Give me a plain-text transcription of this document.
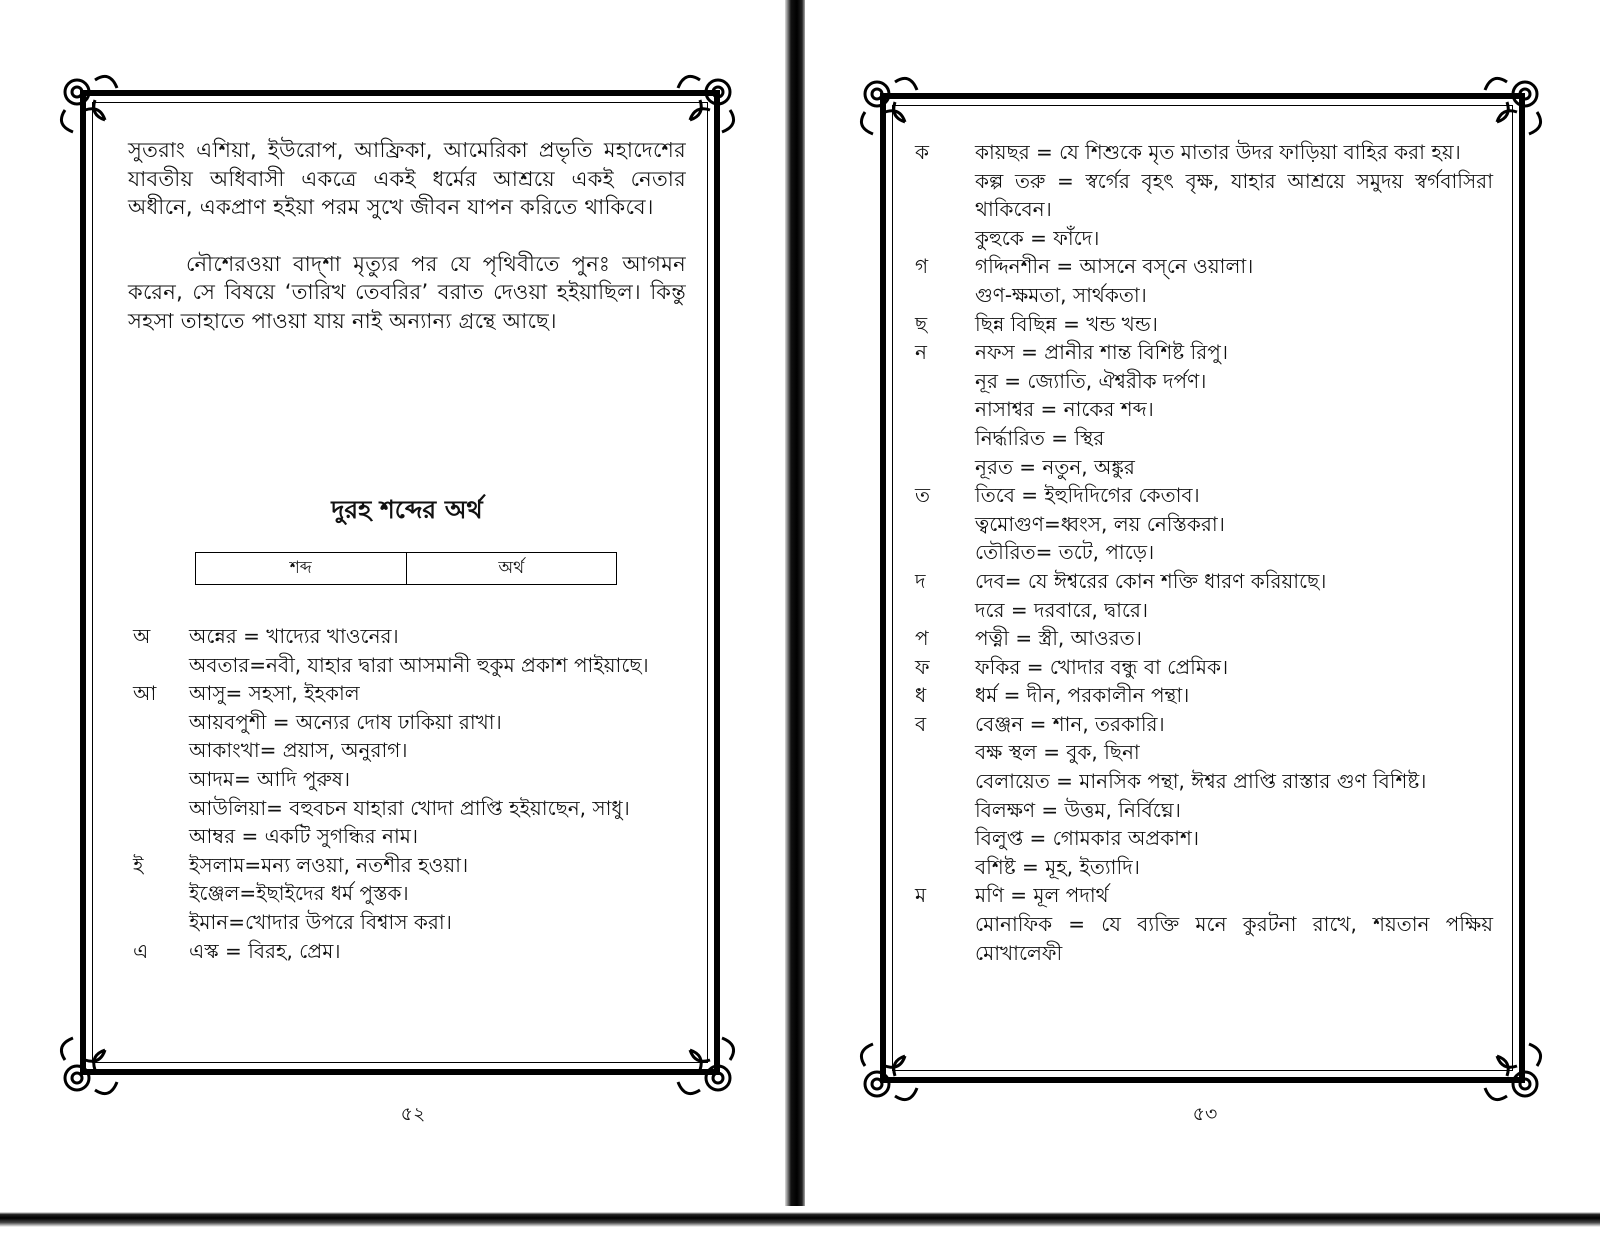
সুতরাং এশিয়া, ইউরোপ, আফ্রিকা, আমেরিকা প্রভৃতি মহাদেশের যাবতীয় অধিবাসী একত্রে একই ধর্মের আশ্রয়ে একই নেতার অধীনে, একপ্রাণ হইয়া পরম সুখে জীবন যাপন করিতে থাকিবে।

নৌশেরওয়া বাদ্‌শা মৃত্যুর পর যে পৃথিবীতে পুনঃ আগমন করেন, সে বিষয়ে ‘তারিখ তেবরির’ বরাত দেওয়া হইয়াছিল। কিন্তু সহসা তাহাতে পাওয়া যায় নাই অন্যান্য গ্রন্থে আছে।

দুরহ শব্দের অর্থ
শব্দ	অর্থ
অ	অন্নের = খাদ্যের খাওনের।
অবতার=নবী, যাহার দ্বারা আসমানী হুকুম প্রকাশ পাইয়াছে।
আ	আসু= সহসা, ইহকাল
আয়বপুশী = অন্যের দোষ ঢাকিয়া রাখা।
আকাংখা= প্রয়াস, অনুরাগ।
আদম= আদি পুরুষ।
আউলিয়া= বহুবচন যাহারা খোদা প্রাপ্তি হইয়াছেন, সাধু।
আম্বর = একটি সুগন্ধির নাম।
ই	ইসলাম=মন্য লওয়া, নতশীর হওয়া।
ইঞ্জেল=ইছাইদের ধর্ম পুস্তক।
ইমান=খোদার উপরে বিশ্বাস করা।
এ	এস্ক = বিরহ, প্রেম।
৫২
ক	কায়ছর = যে শিশুকে মৃত মাতার উদর ফাড়িয়া বাহির করা হয়।
কল্প তরু = স্বর্গের বৃহৎ বৃক্ষ, যাহার আশ্রয়ে সমুদয় স্বর্গবাসিরা থাকিবেন।
কুহুকে = ফাঁদে।
গ	গদ্দিনশীন = আসনে বস্‌নে ওয়ালা।
গুণ-ক্ষমতা, সার্থকতা।
ছ	ছিন্ন বিছিন্ন = খন্ড খন্ড।
ন	নফস = প্রানীর শান্ত বিশিষ্ট রিপু।
নূর = জ্যোতি, ঐশ্বরীক দর্পণ।
নাসাশ্বর = নাকের শব্দ।
নির্দ্ধারিত = স্থির
নূরত = নতুন, অঙ্কুর
ত	তিবে = ইহুদিদিগের কেতাব।
ত্বমোগুণ=ধ্বংস, লয় নেস্তিকরা।
তৌরিত= তটে, পাড়ে।
দ	দেব= যে ঈশ্বরের কোন শক্তি ধারণ করিয়াছে।
দরে = দরবারে, দ্বারে।
প	পত্নী = স্ত্রী, আওরত।
ফ	ফকির = খোদার বন্ধু বা প্রেমিক।
ধ	ধর্ম = দীন, পরকালীন পন্থা।
ব	বেঞ্জন = শান, তরকারি।
বক্ষ স্থল = বুক, ছিনা
বেলায়েত = মানসিক পন্থা, ঈশ্বর প্রাপ্তি রাস্তার গুণ বিশিষ্ট।
বিলক্ষণ = উত্তম, নির্বিঘ্নে।
বিলুপ্ত = গোমকার অপ্রকাশ।
বশিষ্ট = মূহ, ইত্যাদি।
ম	মণি = মূল পদার্থ
মোনাফিক = যে ব্যক্তি মনে কুরটনা রাখে, শয়তান পক্ষিয় মোখালেফী
৫৩
